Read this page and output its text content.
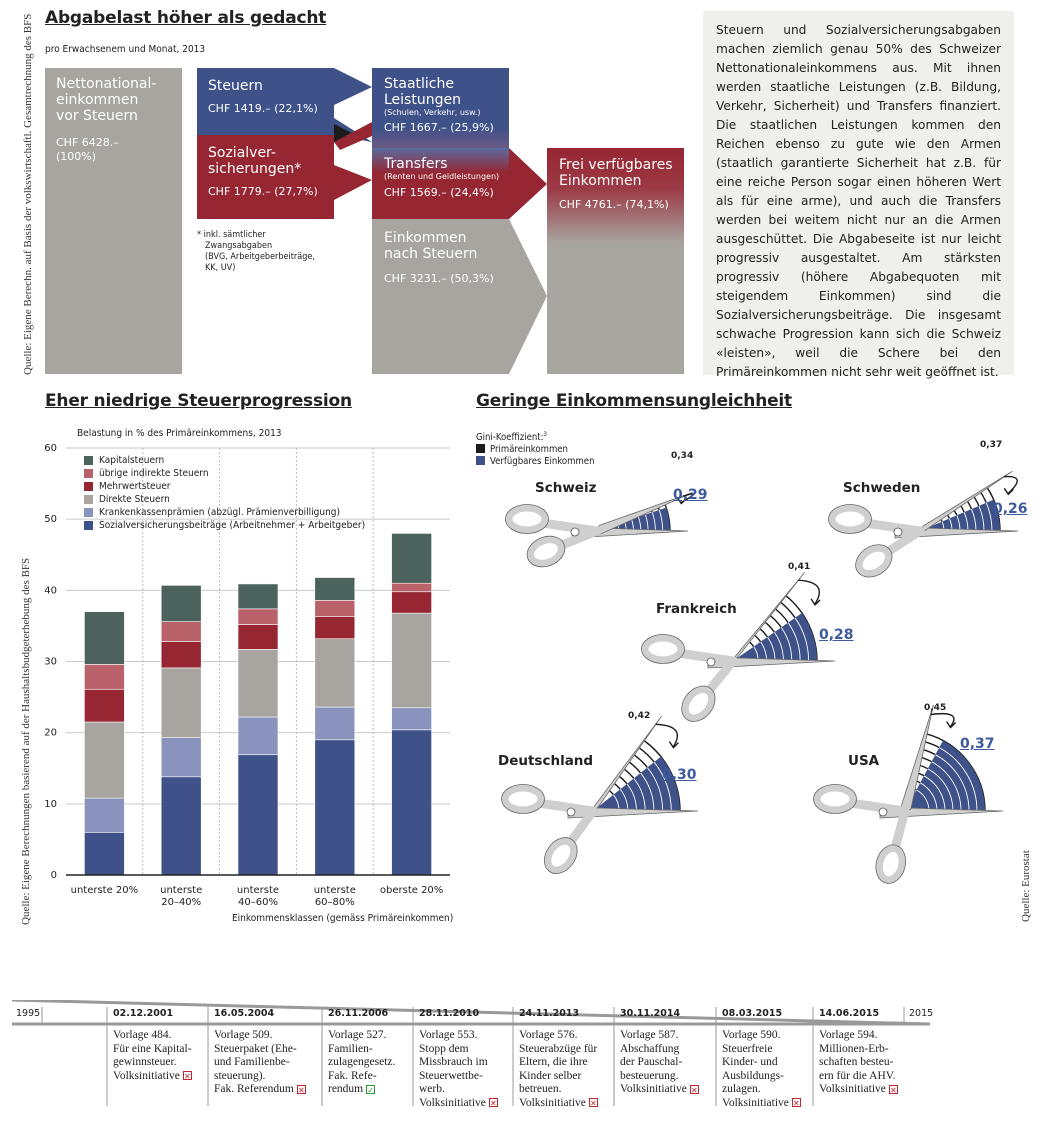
Abgabelast höher als gedacht
pro Erwachsenem und Monat, 2013
Quelle: Eigene Berechn. auf Basis der volkswirtschaftl. Gesamtrechnung des BFS Nettonational-
einkommen
vor Steuern
CHF 6428.–
(100%)
Steuern
CHF 1419.– (22,1%)
Sozialver-
sicherungen*
CHF 1779.– (27,7%)
* inkl. sämtlicher
Zwangsabgaben
(BVG, Arbeitgeberbeiträge,
KK, UV)
Staatliche
Leistungen
(Schulen, Verkehr, usw.)
CHF 1667.– (25,9%)
Transfers
(Renten und Geldleistungen)
CHF 1569.– (24,4%)
Einkommen
nach Steuern
CHF 3231.– (50,3%)
Frei verfügbares
Einkommen
CHF 4761.– (74,1%)
Steuern und Sozialversicherungsabgaben machen ziemlich genau 50% des Schweizer Nettonationaleinkommens aus. Mit ihnen werden staatliche Leistungen (z.B. Bildung, Verkehr, Sicherheit) und Transfers finanziert. Die staatlichen Leistungen kommen den Reichen ebenso zu gute wie den Armen (staatlich garantierte Sicherheit hat z.B. für eine reiche Person sogar einen höheren Wert als für eine arme), und auch die Transfers werden bei weitem nicht nur an die Armen ausgeschüttet. Die Abgabeseite ist nur leicht progressiv ausgestaltet. Am stärksten progressiv (höhere Abgabequoten mit steigendem Einkommen) sind die Sozialversicherungsbeiträge. Die insgesamt schwache Progression kann sich die Schweiz «leisten», weil die Schere bei den Primäreinkommen nicht sehr weit geöffnet ist.
Eher niedrige Steuerprogression
Belastung in % des Primäreinkommens, 2013
Quelle: Eigene Berechnungen basierend auf der Haushaltsbudgeterhebung des BFS 0
10
20
30
40
50
60
unterste 20% unterste
20–40%
unterste
40–60%
unterste
60–80%
oberste 20%
Kapitalsteuern
übrige indirekte Steuern
Mehrwertsteuer
Direkte Steuern
Krankenkassenprämien (abzügl. Prämienverbilligung)
Sozialversicherungsbeiträge (Arbeitnehmer + Arbeitgeber)
Einkommensklassen (gemäss Primäreinkommen)
Geringe Einkommensungleichheit
Gini-Koeffizient:$^3$
Primäreinkommen
Verfügbares Einkommen
Schweiz	Schweden
Frankreich
Deutschland	USA
0,34
0,29
0,37
0,26
0,41
0,28
0,42
0,30
0,45
0,37
Quelle: Eurostat
1995	2015
02.12.2001
Vorlage 484.
Für eine Kapital-
gewinnsteuer.
Volksinitiative ✕
16.05.2004
Vorlage 509.
Steuerpaket (Ehe-
und Familienbe-
steuerung).
Fak. Referendum ✕
26.11.2006
Vorlage 527.
Familien-
zulagengesetz.
Fak. Refe-
rendum ✓
28.11.2010
Vorlage 553.
Stopp dem
Missbrauch im
Steuerwettbe-
werb.
Volksinitiative ✕
24.11.2013
Vorlage 576.
Steuerabzüge für
Eltern, die ihre
Kinder selber
betreuen.
Volksinitiative ✕
30.11.2014
Vorlage 587.
Abschaffung
der Pauschal-
besteuerung.
Volksinitiative ✕
08.03.2015
Vorlage 590.
Steuerfreie
Kinder- und
Ausbildungs-
zulagen.
Volksinitiative ✕
14.06.2015
Vorlage 594.
Millionen-Erb-
schaften besteu-
ern für die AHV.
Volksinitiative ✕
